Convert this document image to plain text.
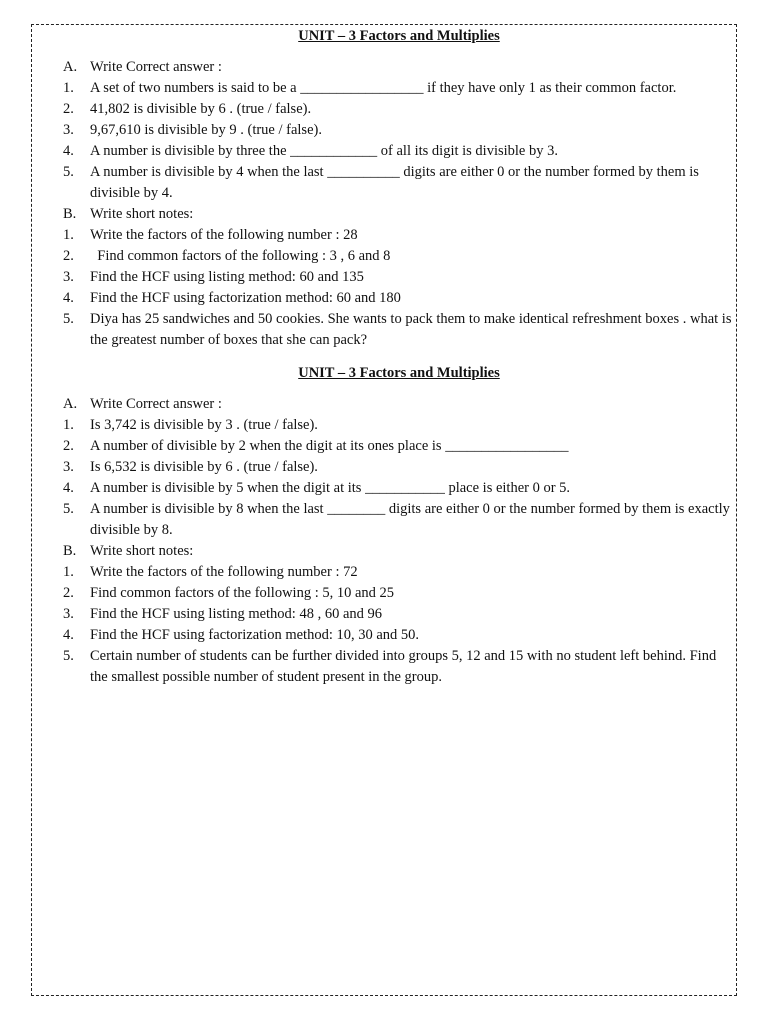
UNIT – 3 Factors and Multiplies
A. Write Correct answer :
1.	A set of two numbers is said to be a _________________ if they have only 1 as their common factor.
2.	41,802 is divisible by 6 . (true / false).
3.	9,67,610 is divisible by 9 . (true / false).
4.	A number is divisible by three the ____________ of all its digit is divisible by 3.
5.	A number is divisible by 4 when the last __________ digits are either 0 or the number formed by them is divisible by 4.
B. Write short notes:
1.	Write the factors of the following number : 28
2.	Find common factors of the following : 3 , 6 and 8
3.	Find the HCF using listing method: 60 and 135
4.	Find the HCF using factorization method: 60 and 180
5.	Diya has 25 sandwiches and 50 cookies. She wants to pack them to make identical refreshment boxes . what is the greatest number of boxes that she can pack?
UNIT – 3 Factors and Multiplies
A. Write Correct answer :
1.	Is 3,742 is divisible by 3 . (true / false).
2.	A number of divisible by 2 when the digit at its ones place is _________________
3.	Is 6,532 is divisible by 6 . (true / false).
4.	A number is divisible by 5 when the digit at its ___________ place is either 0 or 5.
5.	A number is divisible by 8 when the last ________ digits are either 0 or the number formed by them is exactly divisible by 8.
B. Write short notes:
1.	Write the factors of the following number : 72
2.	Find common factors of the following : 5, 10 and 25
3.	Find the HCF using listing method: 48 , 60 and 96
4.	Find the HCF using factorization method: 10, 30 and 50.
5.	Certain number of students can be further divided into groups 5, 12 and 15 with no student left behind. Find the smallest possible number of student present in the group.
